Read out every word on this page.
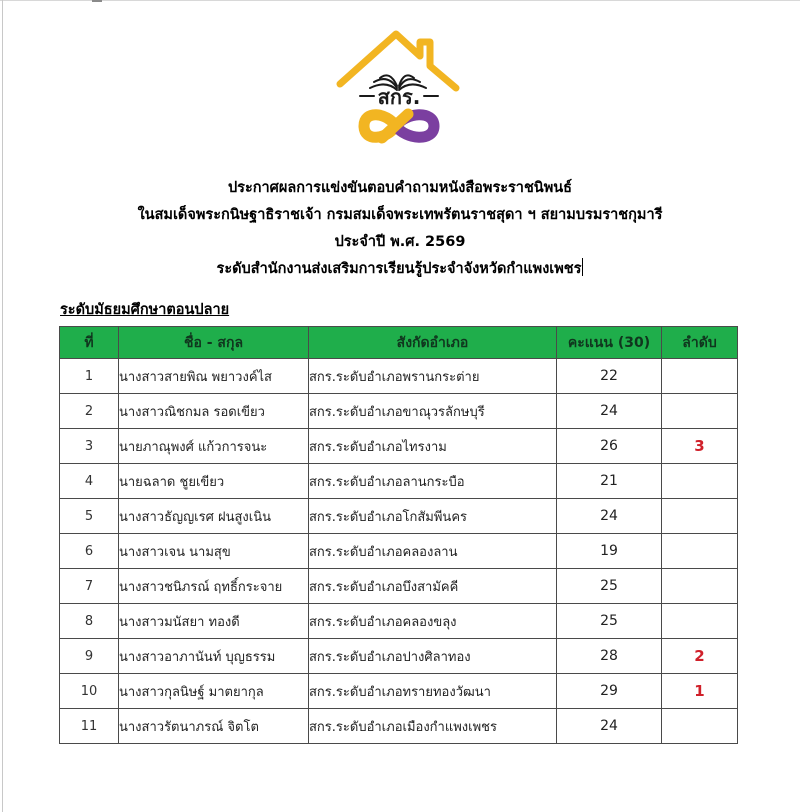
สกร.
ประกาศผลการแข่งขันตอบคำถามหนังสือพระราชนิพนธ์
ในสมเด็จพระกนิษฐาธิราชเจ้า กรมสมเด็จพระเทพรัตนราชสุดา ฯ สยามบรมราชกุมารี
ประจำปี พ.ศ. 2569
ระดับสำนักงานส่งเสริมการเรียนรู้ประจำจังหวัดกำแพงเพชร
ระดับมัธยมศึกษาตอนปลาย
ที่	ชื่อ - สกุล	สังกัดอำเภอ	คะแนน (30)	ลำดับ
1	นางสาวสายพิณ พยาวงค์ไส	สกร.ระดับอำเภอพรานกระต่าย	22	
2	นางสาวณิชกมล รอดเขียว	สกร.ระดับอำเภอขาณุวรลักษบุรี	24	
3	นายภาณุพงศ์ แก้วการจนะ	สกร.ระดับอำเภอไทรงาม	26	3
4	นายฉลาด ชูยเขียว	สกร.ระดับอำเภอลานกระบือ	21	
5	นางสาวธัญญเรศ ฝนสูงเนิน	สกร.ระดับอำเภอโกสัมพีนคร	24	
6	นางสาวเจน นามสุข	สกร.ระดับอำเภอคลองลาน	19	
7	นางสาวชนิภรณ์ ฤทธิ์กระจาย	สกร.ระดับอำเภอบึงสามัคคี	25	
8	นางสาวมนัสยา ทองดี	สกร.ระดับอำเภอคลองขลุง	25	
9	นางสาวอาภานันท์ บุญธรรม	สกร.ระดับอำเภอปางศิลาทอง	28	2
10	นางสาวกุลนิษฐ์ มาตยากุล	สกร.ระดับอำเภอทรายทองวัฒนา	29	1
11	นางสาวรัตนาภรณ์ จิตโต	สกร.ระดับอำเภอเมืองกำแพงเพชร	24	
